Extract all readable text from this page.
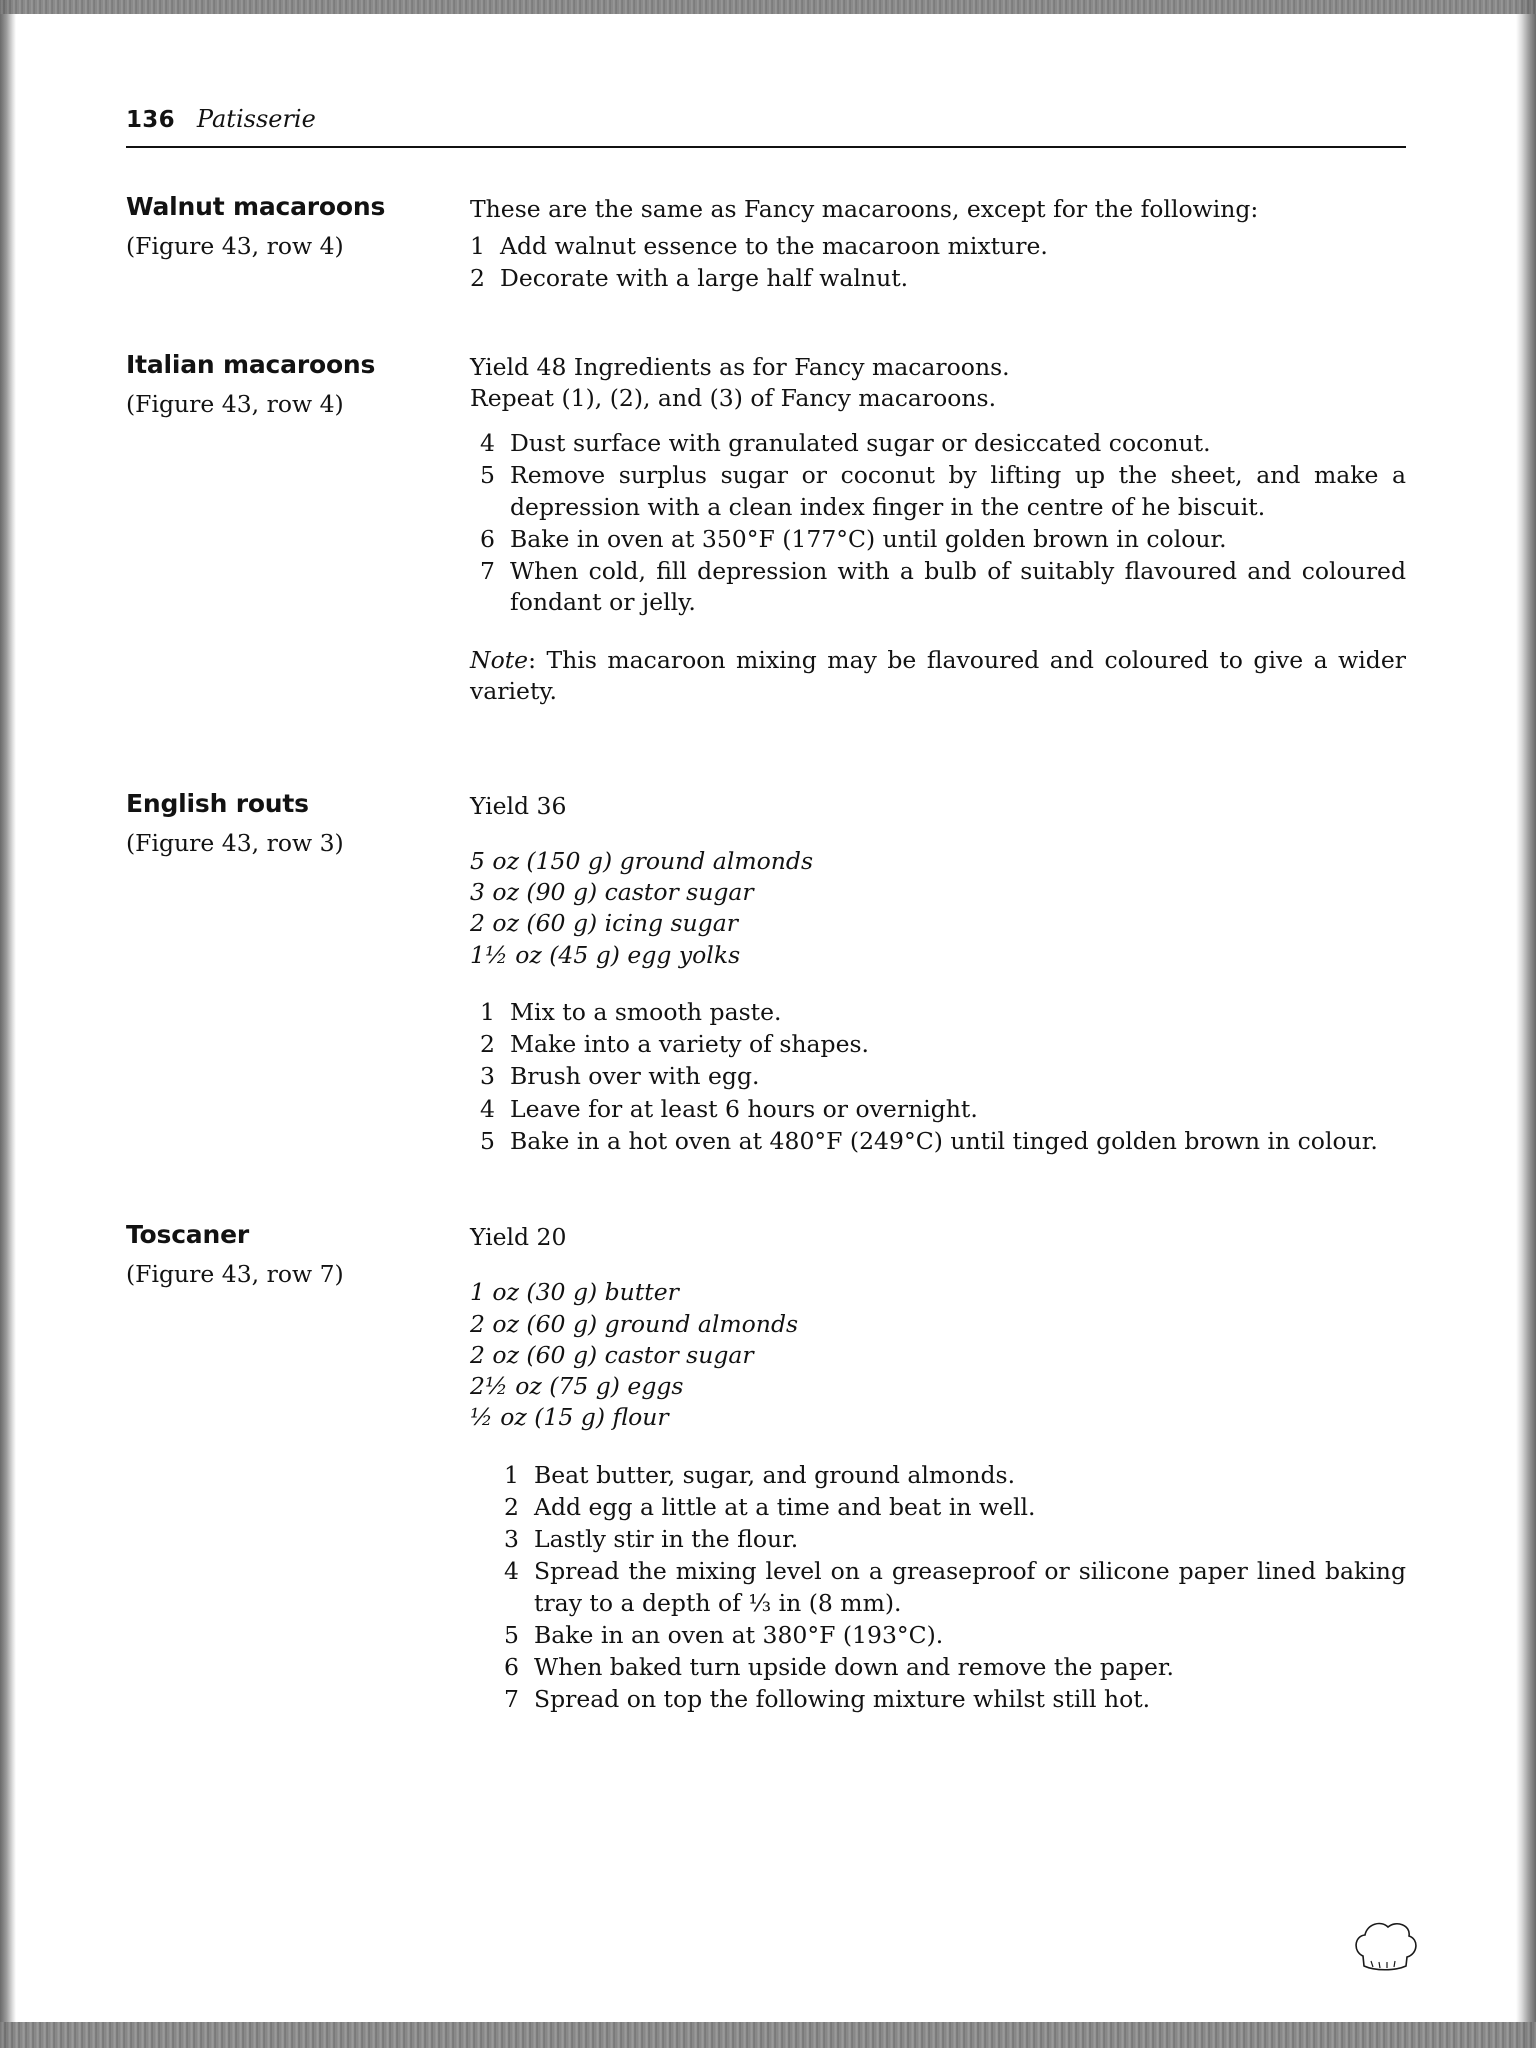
136 Patisserie
Walnut macaroons
(Figure 43, row 4)

These are the same as Fancy macaroons, except for the following:

1 Add walnut essence to the macaroon mixture.
2 Decorate with a large half walnut.
Italian macaroons
(Figure 43, row 4)

Yield 48 Ingredients as for Fancy macaroons.

Repeat (1), (2), and (3) of Fancy macaroons.

4 Dust surface with granulated sugar or desiccated coconut.
5 Remove surplus sugar or coconut by lifting up the sheet, and make a depression with a clean index finger in the centre of he biscuit.
6 Bake in oven at 350°F (177°C) until golden brown in colour.
7 When cold, fill depression with a bulb of suitably flavoured and coloured fondant or jelly.

Note: This macaroon mixing may be flavoured and coloured to give a wider variety.

English routs
(Figure 43, row 3)

Yield 36

5 oz (150 g) ground almonds
3 oz (90 g) castor sugar
2 oz (60 g) icing sugar
1½ oz (45 g) egg yolks
1 Mix to a smooth paste.
2 Make into a variety of shapes.
3 Brush over with egg.
4 Leave for at least 6 hours or overnight.
5 Bake in a hot oven at 480°F (249°C) until tinged golden brown in colour.
Toscaner
(Figure 43, row 7)

Yield 20

1 oz (30 g) butter
2 oz (60 g) ground almonds
2 oz (60 g) castor sugar
2½ oz (75 g) eggs
½ oz (15 g) flour
1 Beat butter, sugar, and ground almonds.
2 Add egg a little at a time and beat in well.
3 Lastly stir in the flour.
4 Spread the mixing level on a greaseproof or silicone paper lined baking tray to a depth of ⅓ in (8 mm).
5 Bake in an oven at 380°F (193°C).
6 When baked turn upside down and remove the paper.
7 Spread on top the following mixture whilst still hot.
